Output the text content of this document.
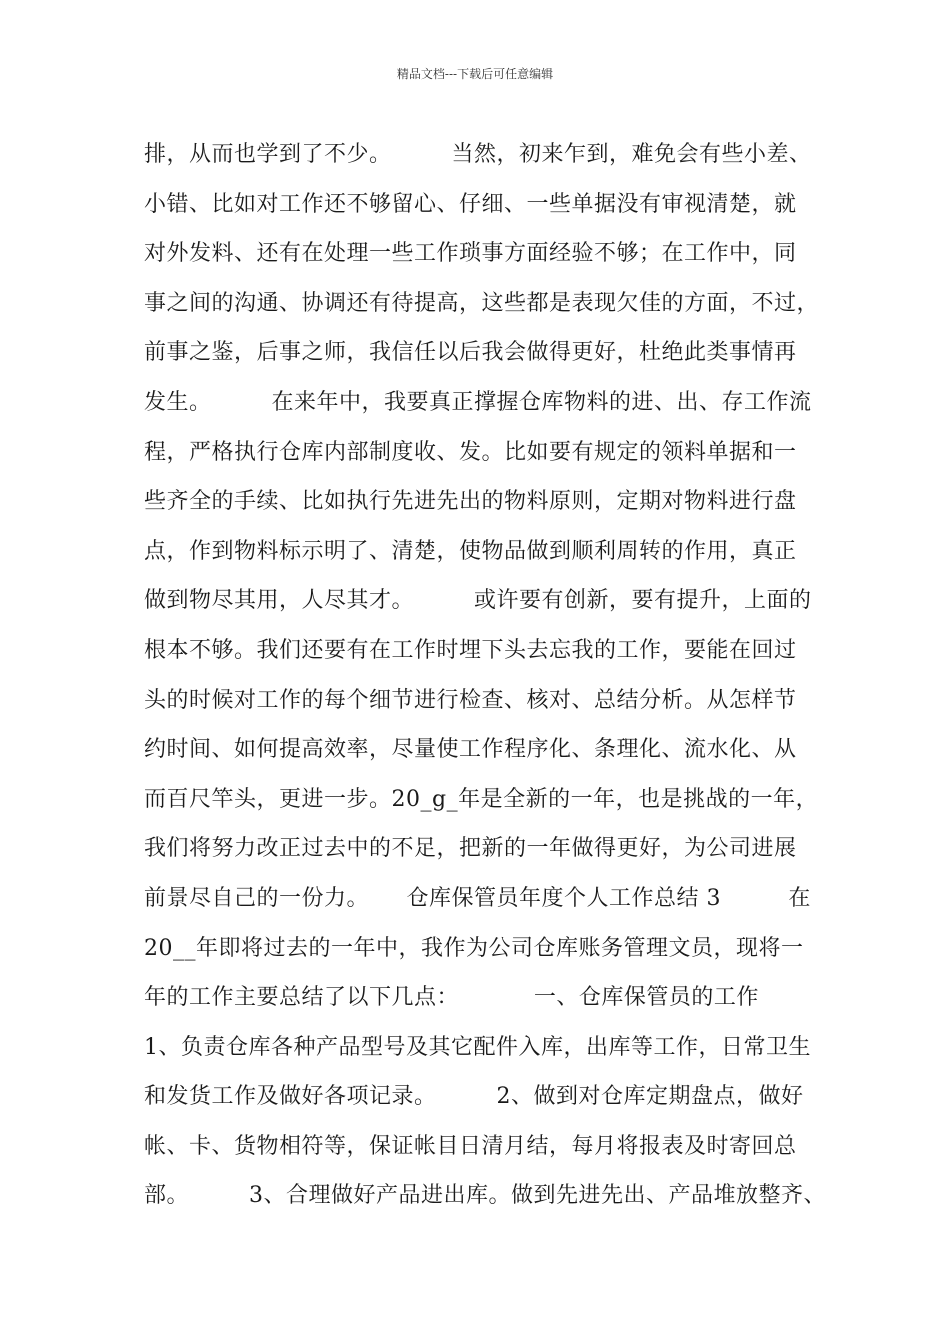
精品文档---下载后可任意编辑
排，从而也学到了不少。        当然，初来乍到，难免会有些小差、
小错、比如对工作还不够留心、仔细、一些单据没有审视清楚，就
对外发料、还有在处理一些工作琐事方面经验不够；在工作中，同
事之间的沟通、协调还有待提高，这些都是表现欠佳的方面，不过，
前事之鉴，后事之师，我信任以后我会做得更好，杜绝此类事情再
发生。        在来年中，我要真正撑握仓库物料的进、出、存工作流
程，严格执行仓库内部制度收、发。比如要有规定的领料单据和一
些齐全的手续、比如执行先进先出的物料原则，定期对物料进行盘
点，作到物料标示明了、清楚，使物品做到顺利周转的作用，真正
做到物尽其用，人尽其才。        或许要有创新，要有提升，上面的
根本不够。我们还要有在工作时埋下头去忘我的工作，要能在回过
头的时候对工作的每个细节进行检查、核对、总结分析。从怎样节
约时间、如何提高效率，尽量使工作程序化、条理化、流水化、从
而百尺竿头，更进一步。20_g_年是全新的一年，也是挑战的一年，
我们将努力改正过去中的不足，把新的一年做得更好，为公司进展
前景尽自己的一份力。     仓库保管员年度个人工作总结 3         在
20__年即将过去的一年中，我作为公司仓库账务管理文员，现将一
年的工作主要总结了以下几点：          一、仓库保管员的工作
1、负责仓库各种产品型号及其它配件入库，出库等工作，日常卫生
和发货工作及做好各项记录。        2、做到对仓库定期盘点，做好
帐、卡、货物相符等，保证帐目日清月结，每月将报表及时寄回总
部。        3、合理做好产品进出库。做到先进先出、产品堆放整齐、
